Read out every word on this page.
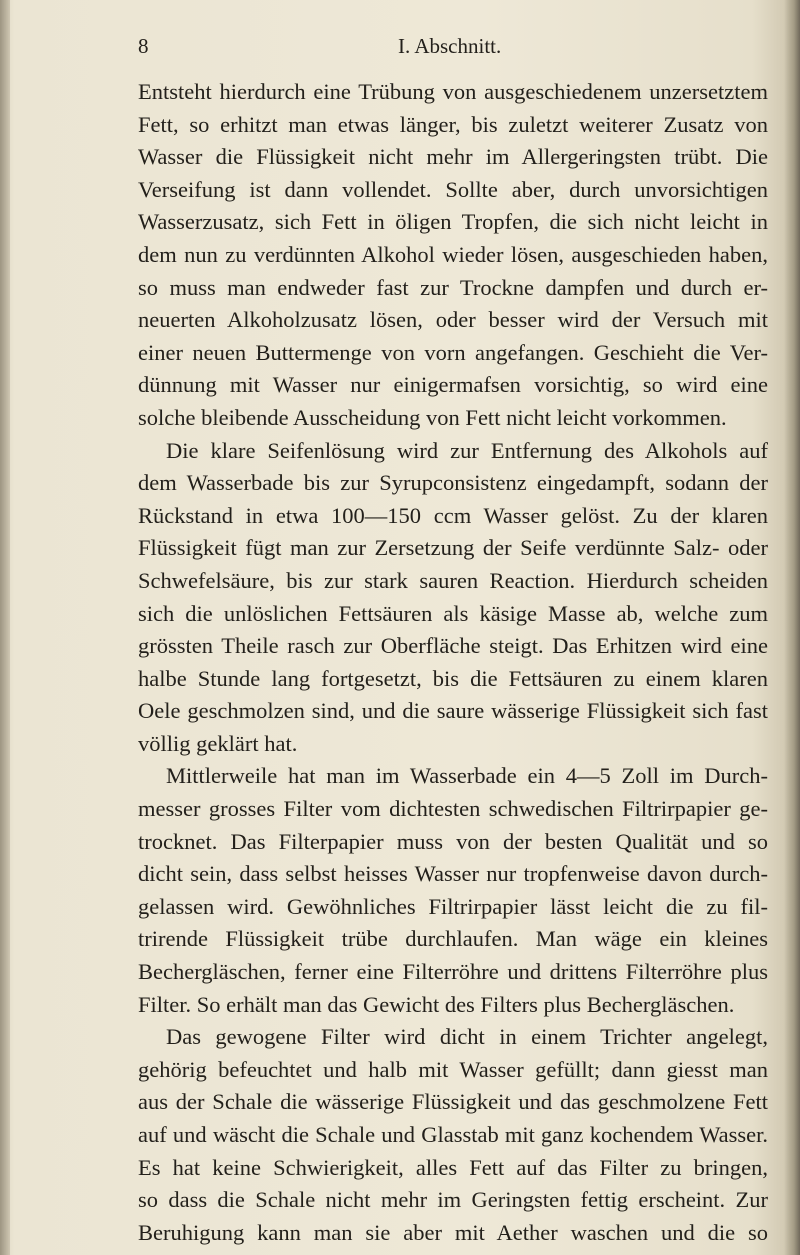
8	I. Abschnitt.
Entsteht hierdurch eine Trübung von ausgeschiedenem unzersetztem
Fett, so erhitzt man etwas länger, bis zuletzt weiterer Zusatz von
Wasser die Flüssigkeit nicht mehr im Allergeringsten trübt. Die
Verseifung ist dann vollendet. Sollte aber, durch unvorsichtigen
Wasserzusatz, sich Fett in öligen Tropfen, die sich nicht leicht in
dem nun zu verdünnten Alkohol wieder lösen, ausgeschieden haben,
so muss man endweder fast zur Trockne dampfen und durch er-
neuerten Alkoholzusatz lösen, oder besser wird der Versuch mit
einer neuen Buttermenge von vorn angefangen. Geschieht die Ver-
dünnung mit Wasser nur einigermafsen vorsichtig, so wird eine
solche bleibende Ausscheidung von Fett nicht leicht vorkommen.
Die klare Seifenlösung wird zur Entfernung des Alkohols auf
dem Wasserbade bis zur Syrupconsistenz eingedampft, sodann der
Rückstand in etwa 100—150 ccm Wasser gelöst. Zu der klaren
Flüssigkeit fügt man zur Zersetzung der Seife verdünnte Salz- oder
Schwefelsäure, bis zur stark sauren Reaction. Hierdurch scheiden
sich die unlöslichen Fettsäuren als käsige Masse ab, welche zum
grössten Theile rasch zur Oberfläche steigt. Das Erhitzen wird eine
halbe Stunde lang fortgesetzt, bis die Fettsäuren zu einem klaren
Oele geschmolzen sind, und die saure wässerige Flüssigkeit sich fast
völlig geklärt hat.
Mittlerweile hat man im Wasserbade ein 4—5 Zoll im Durch-
messer grosses Filter vom dichtesten schwedischen Filtrirpapier ge-
trocknet. Das Filterpapier muss von der besten Qualität und so
dicht sein, dass selbst heisses Wasser nur tropfenweise davon durch-
gelassen wird. Gewöhnliches Filtrirpapier lässt leicht die zu fil-
trirende Flüssigkeit trübe durchlaufen. Man wäge ein kleines
Bechergläschen, ferner eine Filterröhre und drittens Filterröhre plus
Filter. So erhält man das Gewicht des Filters plus Bechergläschen.
Das gewogene Filter wird dicht in einem Trichter angelegt,
gehörig befeuchtet und halb mit Wasser gefüllt; dann giesst man
aus der Schale die wässerige Flüssigkeit und das geschmolzene Fett
auf und wäscht die Schale und Glasstab mit ganz kochendem Wasser.
Es hat keine Schwierigkeit, alles Fett auf das Filter zu bringen,
so dass die Schale nicht mehr im Geringsten fettig erscheint. Zur
Beruhigung kann man sie aber mit Aether waschen und die so
